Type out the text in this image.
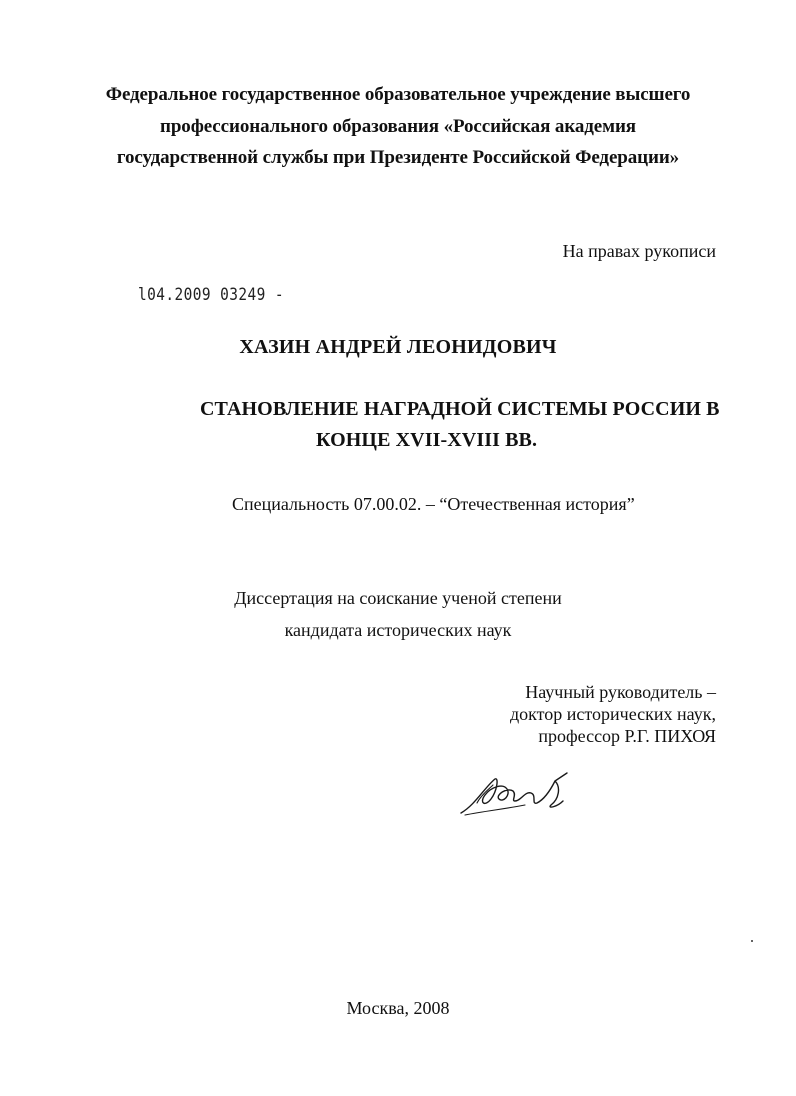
Федеральное государственное образовательное учреждение высшего
профессионального образования «Российская академия
государственной службы при Президенте Российской Федерации»
На правах рукописи
l04.2009 03249 -
ХАЗИН АНДРЕЙ ЛЕОНИДОВИЧ
СТАНОВЛЕНИЕ НАГРАДНОЙ СИСТЕМЫ РОССИИ В
КОНЦЕ XVII-XVIII ВВ.
Специальность 07.00.02. – “Отечественная история”
Диссертация на соискание ученой степени
кандидата исторических наук
Научный руководитель –
доктор исторических наук,
профессор Р.Г. ПИХОЯ
Москва, 2008
